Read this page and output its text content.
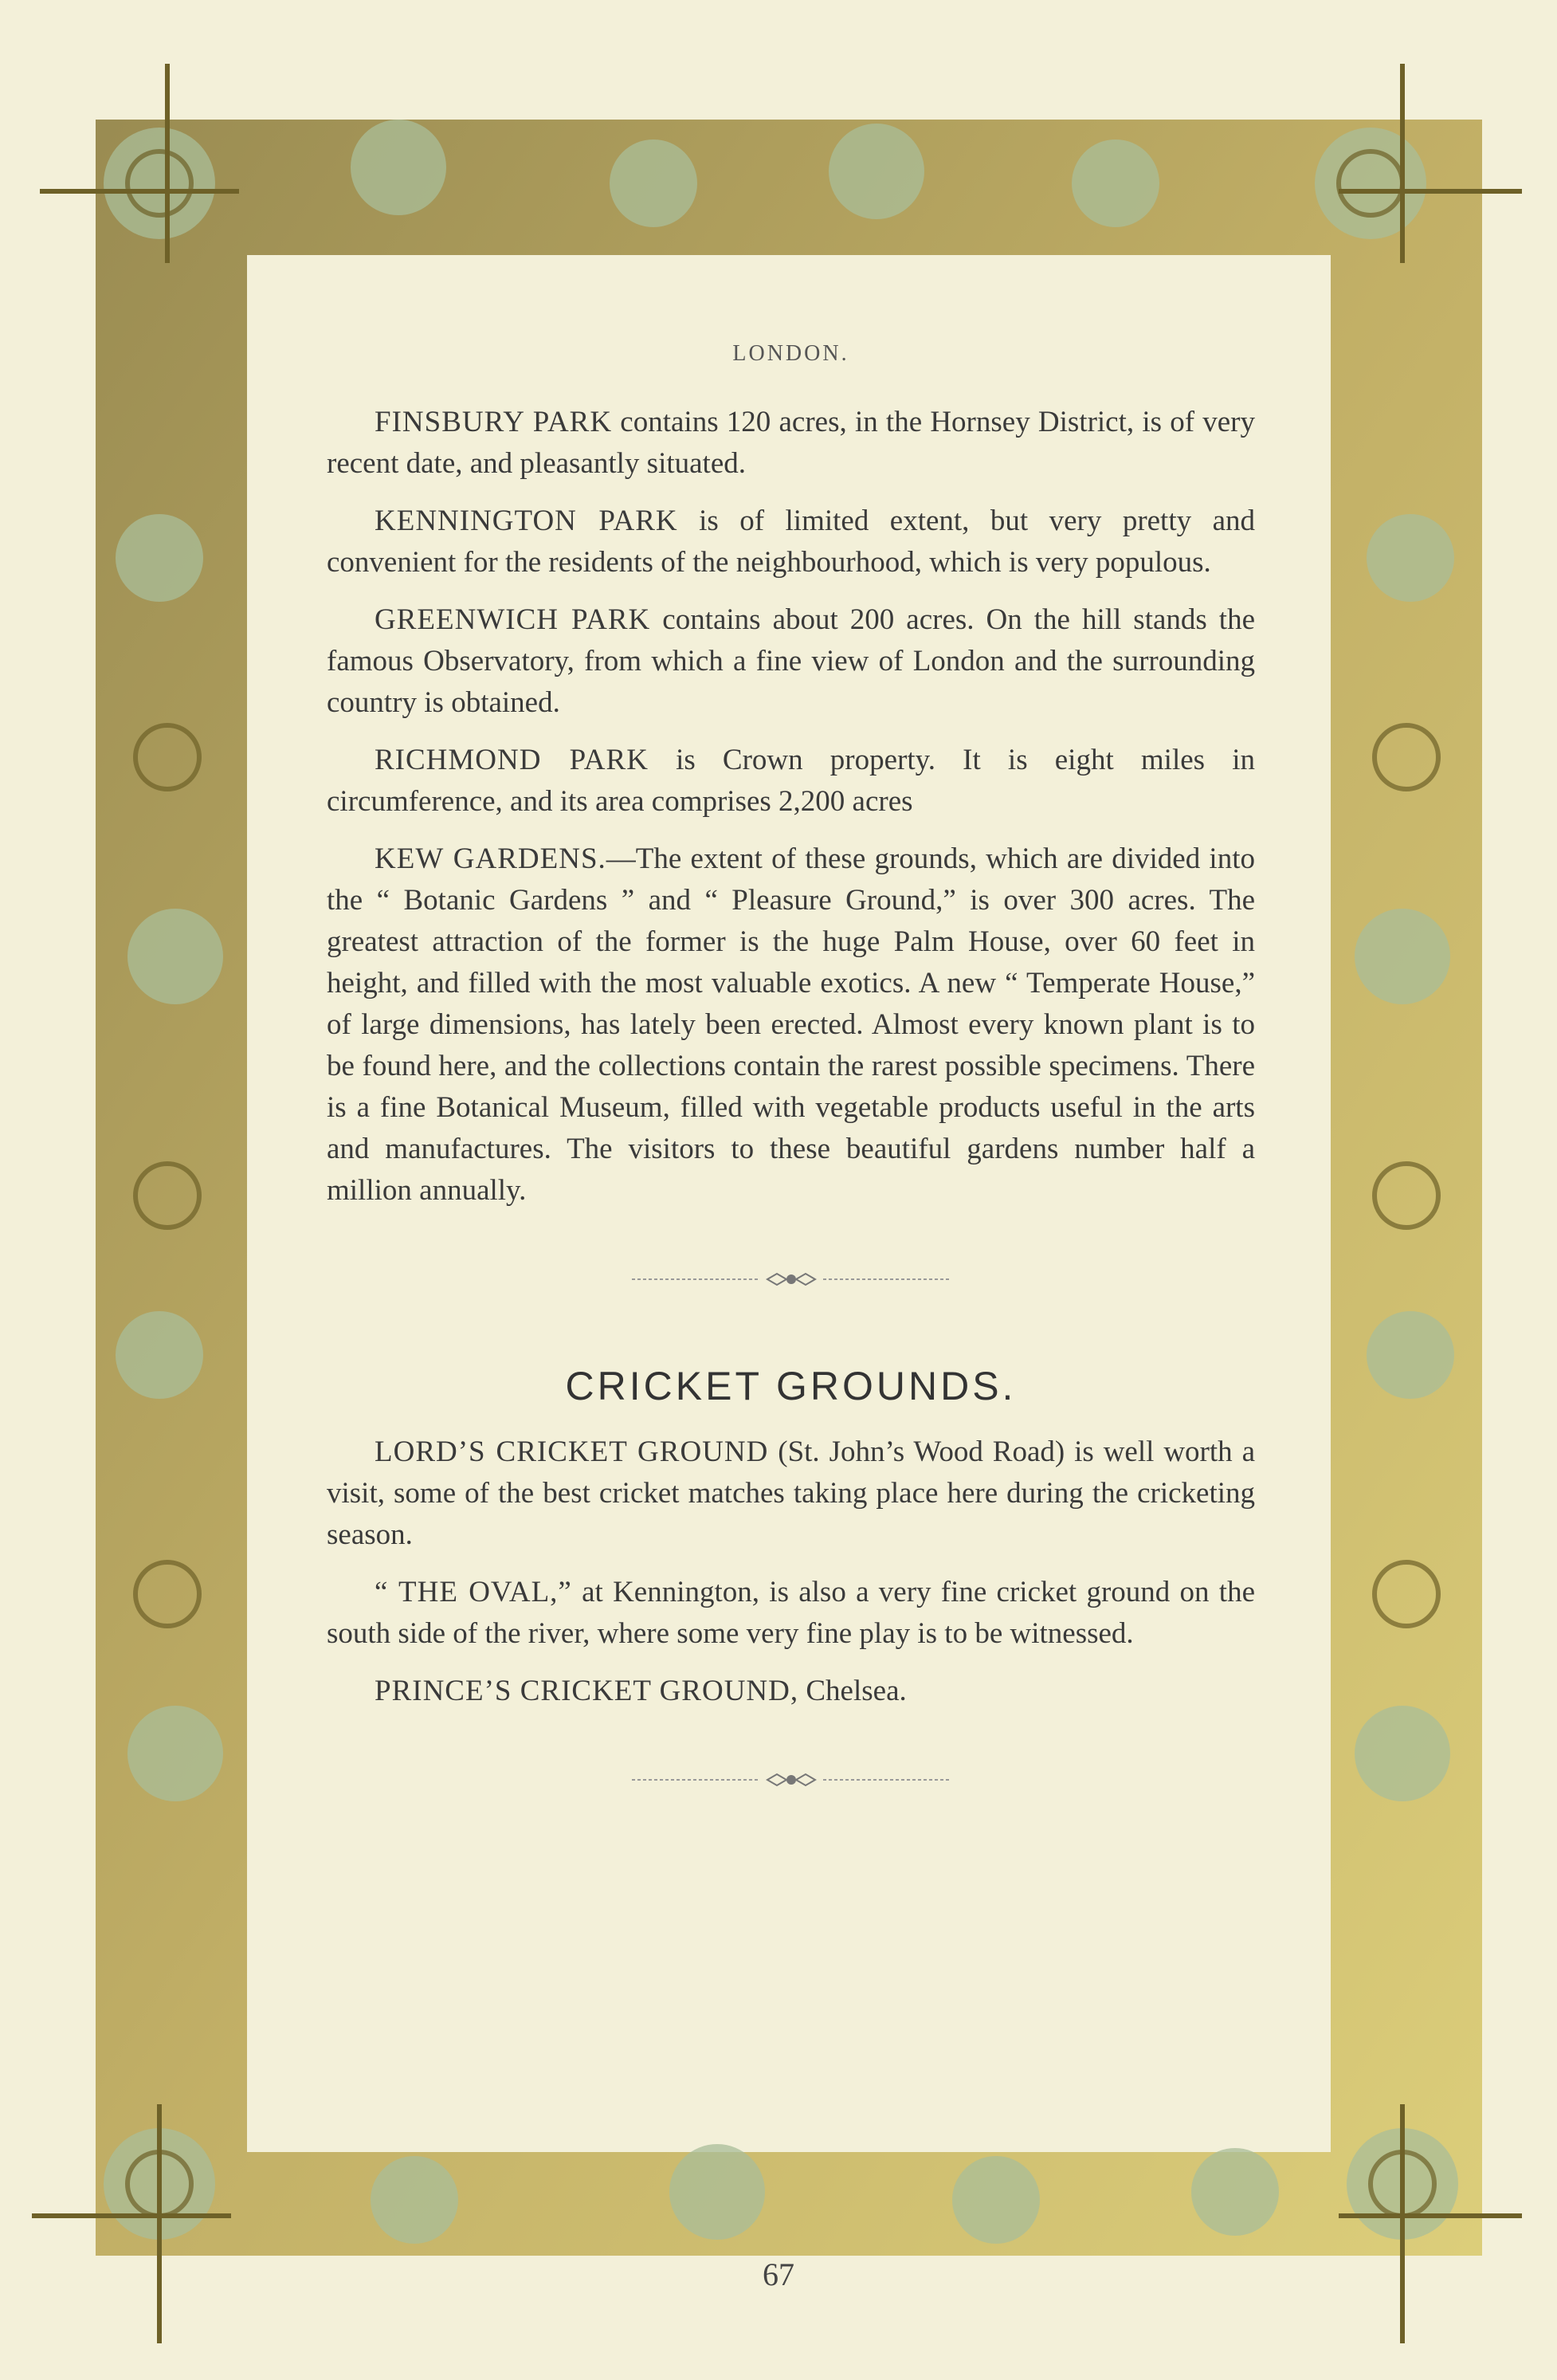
LONDON.

FINSBURY PARK contains 120 acres, in the Hornsey District, is of very recent date, and pleasantly situated.

KENNINGTON PARK is of limited extent, but very pretty and convenient for the residents of the neighbourhood, which is very populous.

GREENWICH PARK contains about 200 acres. On the hill stands the famous Observatory, from which a fine view of London and the surrounding country is obtained.

RICHMOND PARK is Crown property. It is eight miles in circumference, and its area comprises 2,200 acres

KEW GARDENS.—The extent of these grounds, which are divided into the “ Botanic Gardens ” and “ Pleasure Ground,” is over 300 acres. The greatest attraction of the former is the huge Palm House, over 60 feet in height, and filled with the most valuable exotics. A new “ Temperate House,” of large dimensions, has lately been erected. Almost every known plant is to be found here, and the collections contain the rarest possible specimens. There is a fine Botanical Museum, filled with vegetable products useful in the arts and manufactures. The visitors to these beautiful gardens number half a million annually.

CRICKET GROUNDS.

LORD’S CRICKET GROUND (St. John’s Wood Road) is well worth a visit, some of the best cricket matches taking place here during the cricketing season.

“ THE OVAL,” at Kennington, is also a very fine cricket ground on the south side of the river, where some very fine play is to be witnessed.

PRINCE’S CRICKET GROUND, Chelsea.

67
